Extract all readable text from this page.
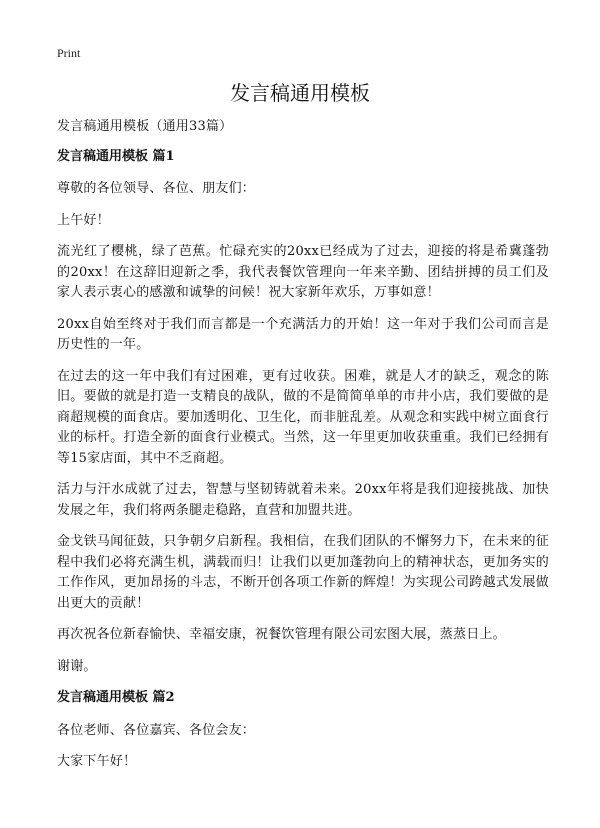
Print
发言稿通用模板

发言稿通用模板（通用33篇）

发言稿通用模板 篇1

尊敬的各位领导、各位、朋友们：

上午好！

流光红了樱桃，绿了芭蕉。忙碌充实的20xx已经成为了过去，迎接的将是希冀蓬勃的20xx！在这辞旧迎新之季，我代表餐饮管理向一年来辛勤、团结拼搏的员工们及家人表示衷心的感激和诚挚的问候！祝大家新年欢乐，万事如意！

20xx自始至终对于我们而言都是一个充满活力的开始！这一年对于我们公司而言是历史性的一年。

在过去的这一年中我们有过困难，更有过收获。困难，就是人才的缺乏，观念的陈旧。要做的就是打造一支精良的战队，做的不是简简单单的市井小店，我们要做的是商超规模的面食店。要加透明化、卫生化，而非脏乱差。从观念和实践中树立面食行业的标杆。打造全新的面食行业模式。当然，这一年里更加收获重重。我们已经拥有等15家店面，其中不乏商超。

活力与汗水成就了过去，智慧与坚韧铸就着未来。20xx年将是我们迎接挑战、加快发展之年，我们将两条腿走稳路，直营和加盟共进。

金戈铁马闻征鼓，只争朝夕启新程。我相信，在我们团队的不懈努力下，在未来的征程中我们必将充满生机，满载而归！让我们以更加蓬勃向上的精神状态，更加务实的工作作风，更加昂扬的斗志，不断开创各项工作新的辉煌！为实现公司跨越式发展做出更大的贡献！

再次祝各位新春愉快、幸福安康，祝餐饮管理有限公司宏图大展，蒸蒸日上。

谢谢。

发言稿通用模板 篇2

各位老师、各位嘉宾、各位会友：

大家下午好！
